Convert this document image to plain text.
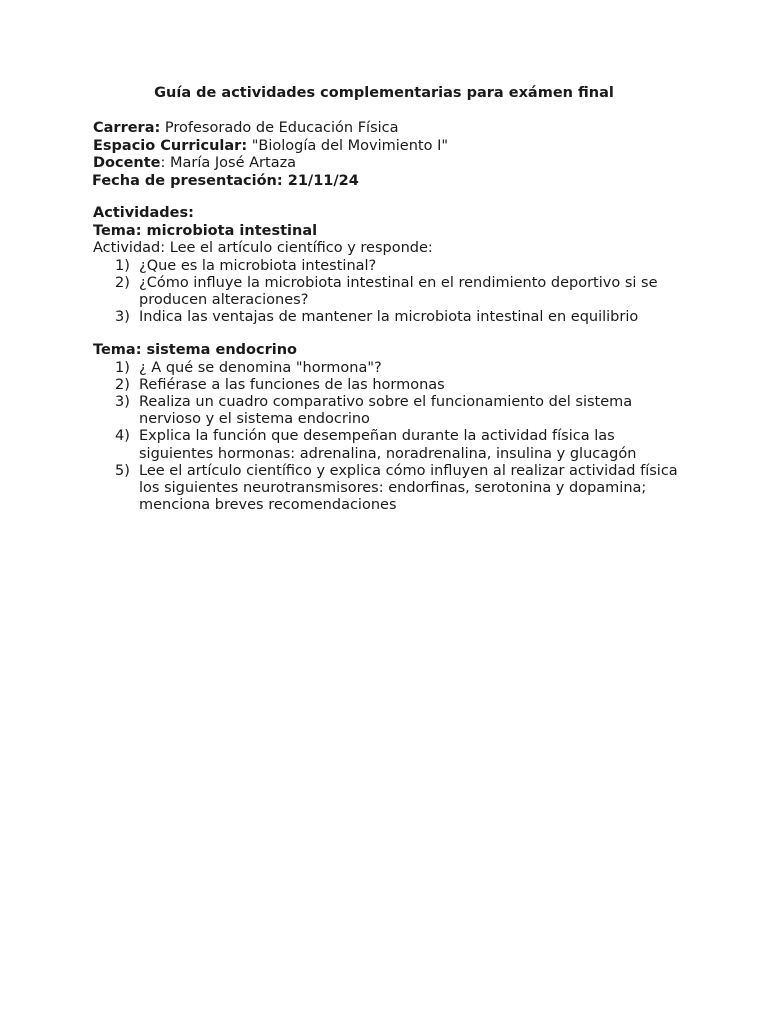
Guía de actividades complementarias para exámen final
Carrera: Profesorado de Educación Física
Espacio Curricular: "Biología del Movimiento I"
Docente: María José Artaza
Fecha de presentación: 21/11/24
Actividades:
Tema: microbiota intestinal
Actividad: Lee el artículo científico y responde:
1) ¿Que es la microbiota intestinal?
2) ¿Cómo influye la microbiota intestinal en el rendimiento deportivo si se producen alteraciones?
3) Indica las ventajas de mantener la microbiota intestinal en equilibrio
Tema: sistema endocrino
1) ¿ A qué se denomina "hormona"?
2) Refiérase a las funciones de las hormonas
3) Realiza un cuadro comparativo sobre el funcionamiento del sistema nervioso y el sistema endocrino
4) Explica la función que desempeñan durante la actividad física las siguientes hormonas: adrenalina, noradrenalina, insulina y glucagón
5) Lee el artículo científico y explica cómo influyen al realizar actividad física los siguientes neurotransmisores: endorfinas, serotonina y dopamina; menciona breves recomendaciones
